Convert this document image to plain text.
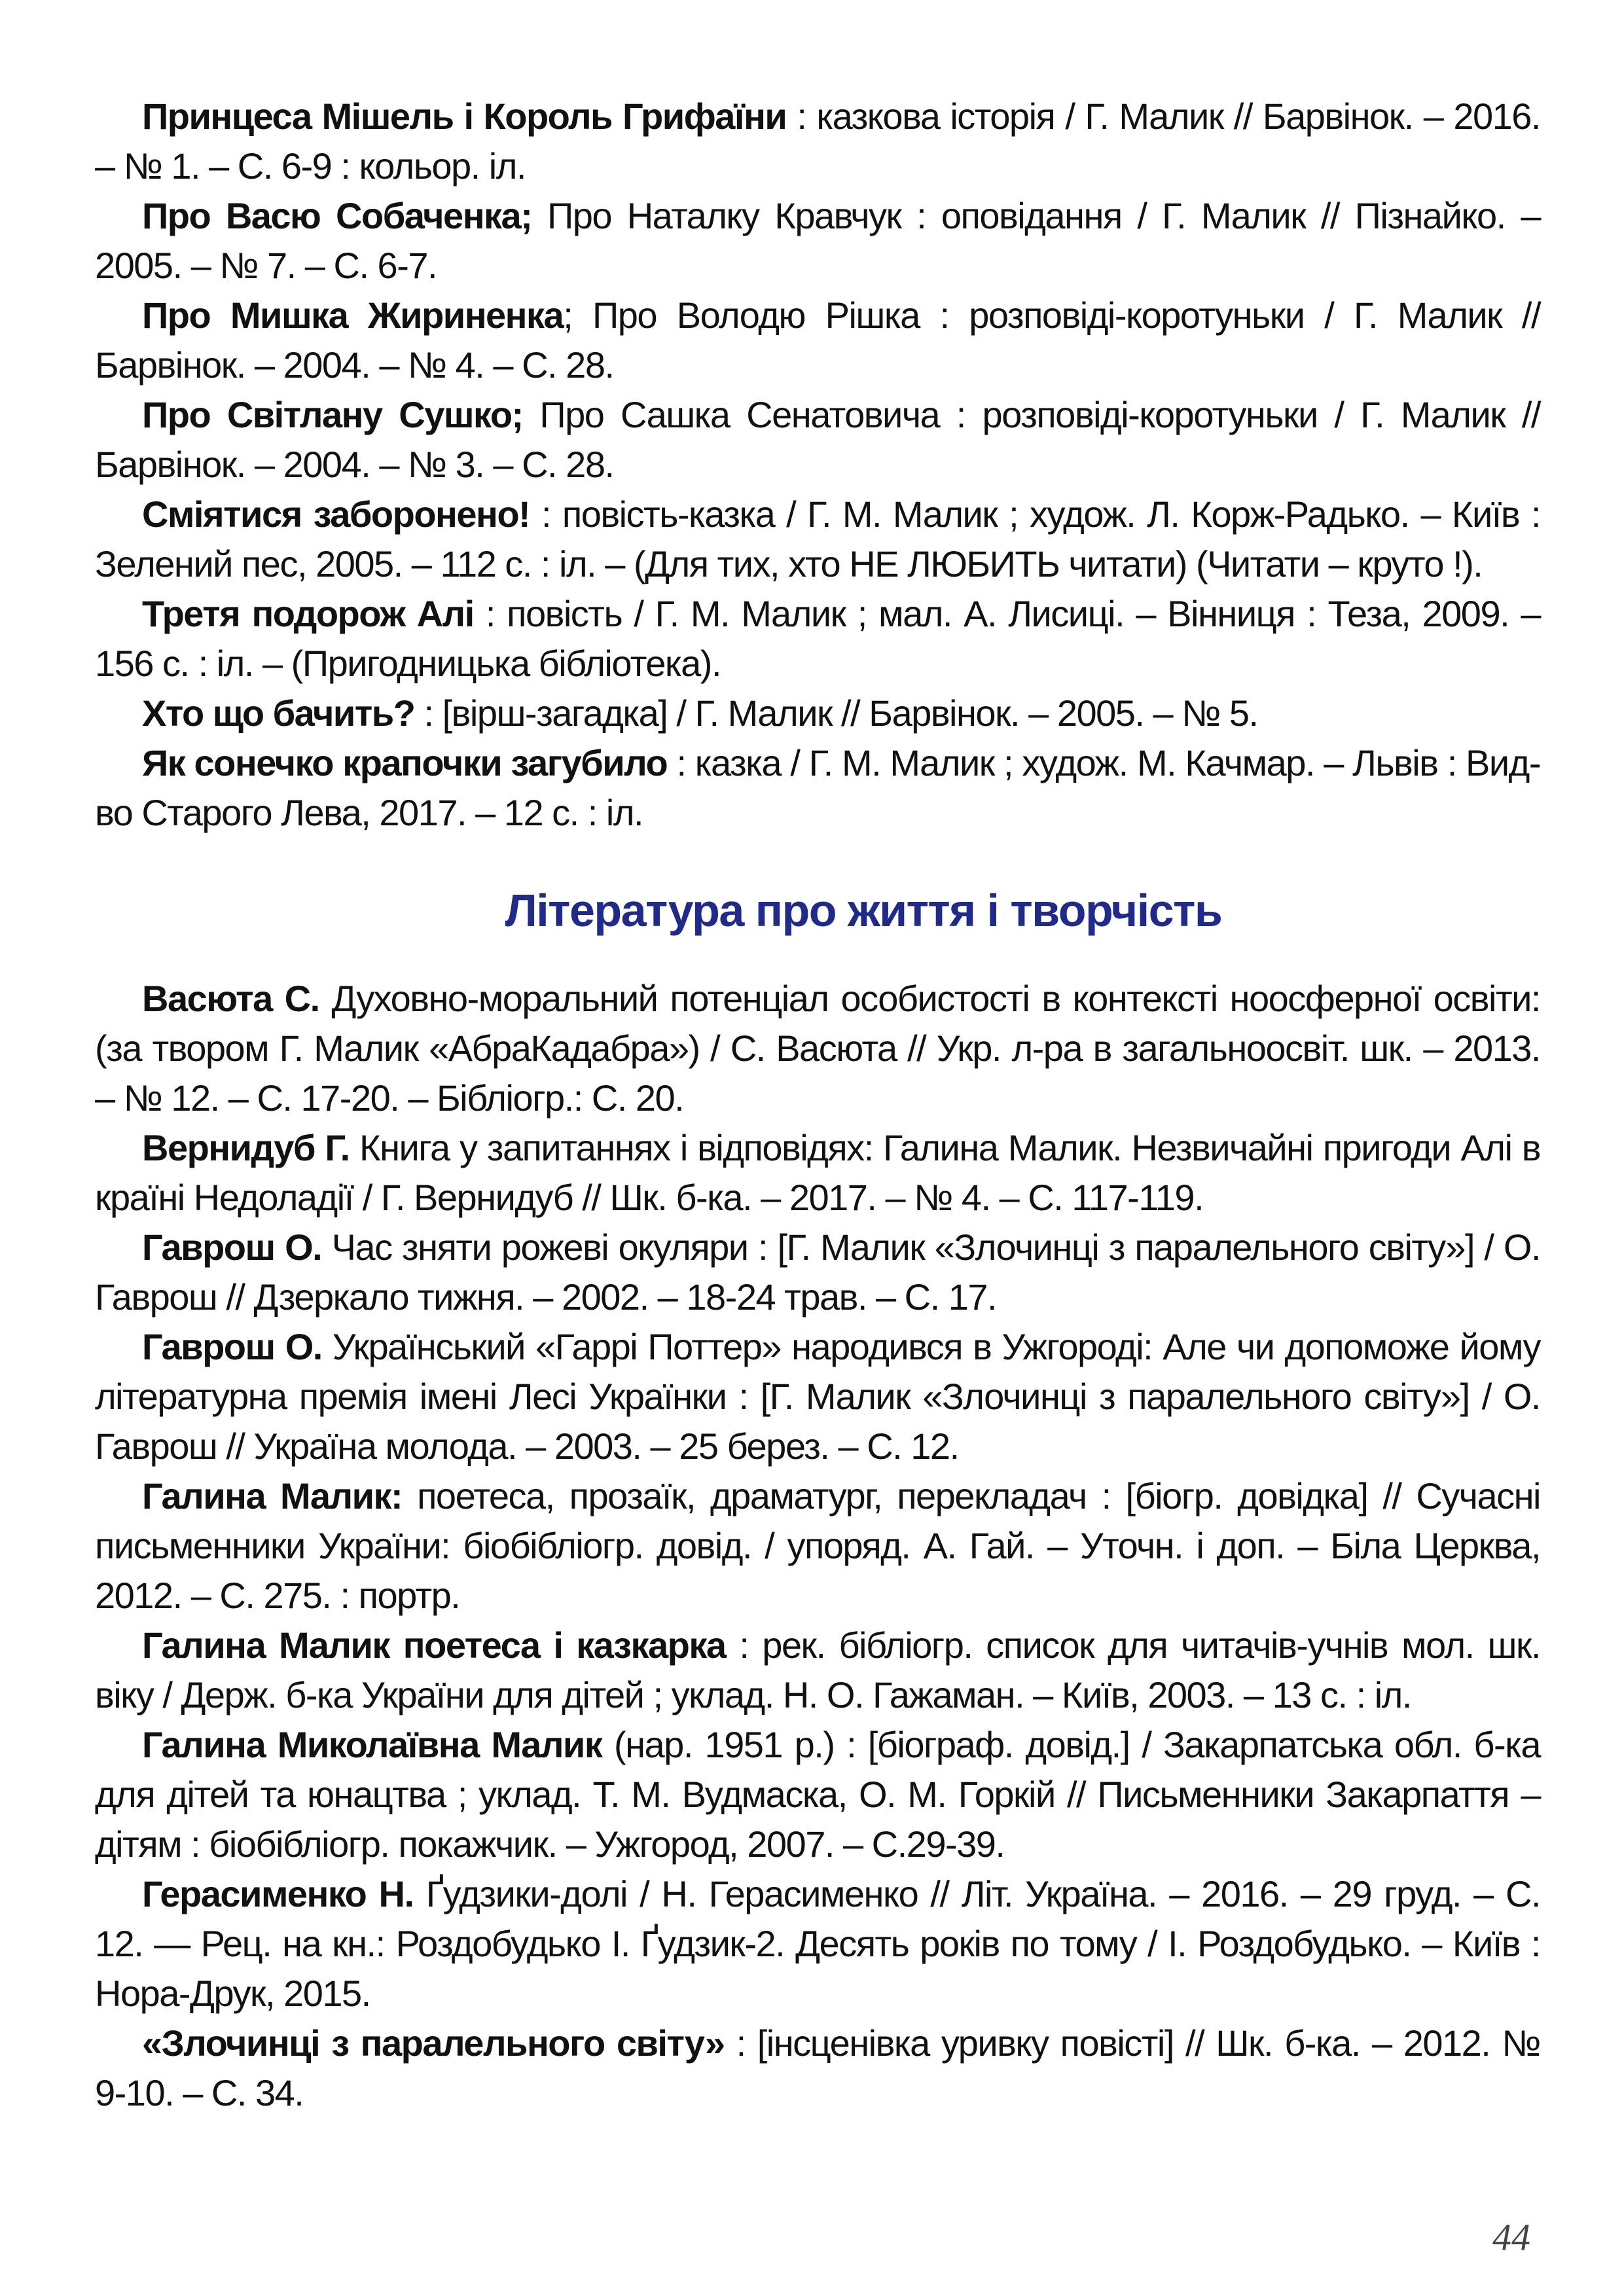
Принцеса Мішель і Король Грифаїни : казкова історія / Г. Малик // Барвінок. – 2016. – № 1. – С. 6-9 : кольор. іл.

Про Васю Собаченка; Про Наталку Кравчук : оповідання / Г. Малик // Пізнайко. – 2005. – № 7. – С. 6-7.

Про Мишка Жириненка; Про Володю Рішка : розповіді-коротуньки / Г. Малик // Барвінок. – 2004. – № 4. – С. 28.

Про Світлану Сушко; Про Сашка Сенатовича : розповіді-коротуньки / Г. Малик // Барвінок. – 2004. – № 3. – С. 28.

Сміятися заборонено! : повість-казка / Г. М. Малик ; худож. Л. Корж-Радько. – Київ : Зелений пес, 2005. – 112 с. : іл. – (Для тих, хто НЕ ЛЮБИТЬ читати) (Читати – круто !).

Третя подорож Алі : повість / Г. М. Малик ; мал. А. Лисиці. – Вінниця : Теза, 2009. – 156 с. : іл. – (Пригодницька бібліотека).

Хто що бачить? : [вірш-загадка] / Г. Малик // Барвінок. – 2005. – № 5.

Як сонечко крапочки загубило : казка / Г. М. Малик ; худож. М. Качмар. – Львів : Вид-во Старого Лева, 2017. – 12 с. : іл.

Література про життя і творчість

Васюта С. Духовно-моральний потенціал особистості в контексті ноосферної освіти: (за твором Г. Малик «АбраКадабра») / С. Васюта // Укр. л-ра в загальноосвіт. шк. – 2013. – № 12. – С. 17-20. – Бібліогр.: С. 20.

Вернидуб Г. Книга у запитаннях і відповідях: Галина Малик. Незвичайні пригоди Алі в країні Недоладії / Г. Вернидуб // Шк. б-ка. – 2017. – № 4. – С. 117-119.

Гаврош О. Час зняти рожеві окуляри : [Г. Малик «Злочинці з паралельного світу»] / О. Гаврош // Дзеркало тижня. – 2002. – 18-24 трав. – С. 17.

Гаврош О. Український «Гаррі Поттер» народився в Ужгороді: Але чи допоможе йому літературна премія імені Лесі Українки : [Г. Малик «Злочинці з паралельного світу»] / О. Гаврош // Україна молода. – 2003. – 25 берез. – С. 12.

Галина Малик: поетеса, прозаїк, драматург, перекладач : [біогр. довідка] // Сучасні письменники України: біобібліогр. довід. / упоряд. А. Гай. – Уточн. і доп. – Біла Церква, 2012. – С. 275. : портр.

Галина Малик поетеса і казкарка : рек. бібліогр. список для читачів-учнів мол. шк. віку / Держ. б-ка України для дітей ; уклад. Н. О. Гажаман. – Київ, 2003. – 13 с. : іл.

Галина Миколаївна Малик (нар. 1951 р.) : [біограф. довід.] / Закарпатська обл. б-ка для дітей та юнацтва ; уклад. Т. М. Вудмаска, О. М. Горкій // Письменники Закарпаття – дітям : біобібліогр. покажчик. – Ужгород, 2007. – С.29-39.

Герасименко Н. Ґудзики-долі / Н. Герасименко // Літ. Україна. – 2016. – 29 груд. – С. 12. — Рец. на кн.: Роздобудько І. Ґудзик-2. Десять років по тому / І. Роздобудько. – Київ : Нора-Друк, 2015.

«Злочинці з паралельного світу» : [інсценівка уривку повісті] // Шк. б-ка. – 2012. № 9-10. – С. 34.

44
